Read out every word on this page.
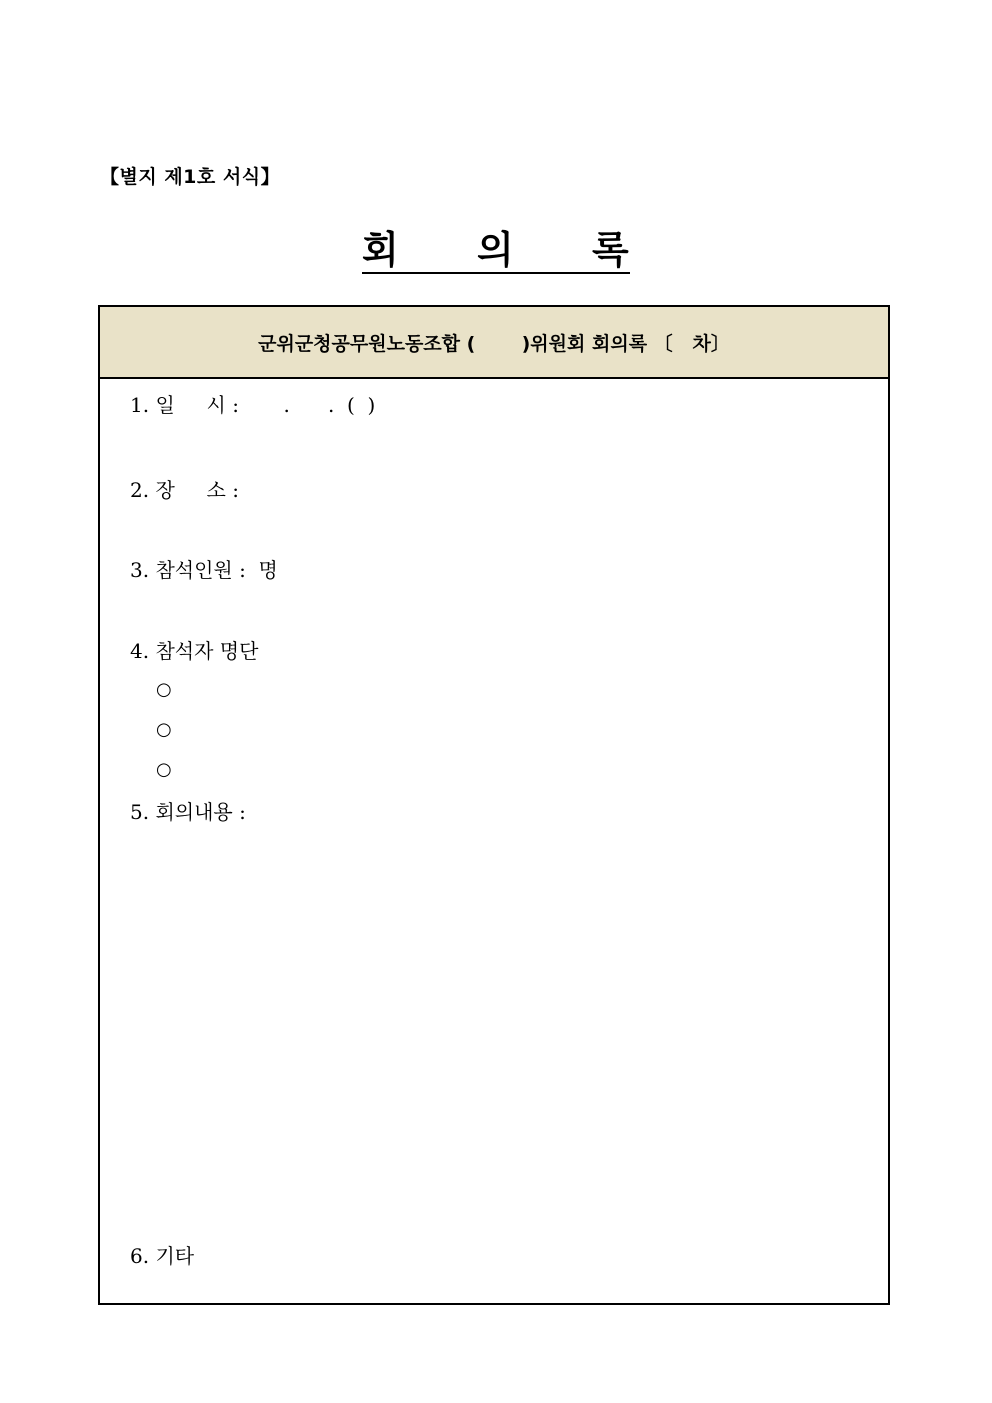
【별지 제1호 서식】
회 의 록
군위군청공무원노동조합 (       )위원회 회의록 〔   차〕
1. 일     시 :       .      .  (  )
2. 장     소 :
3. 참석인원 :  명
4. 참석자 명단
○
○
○
5. 회의내용 :
6. 기타
